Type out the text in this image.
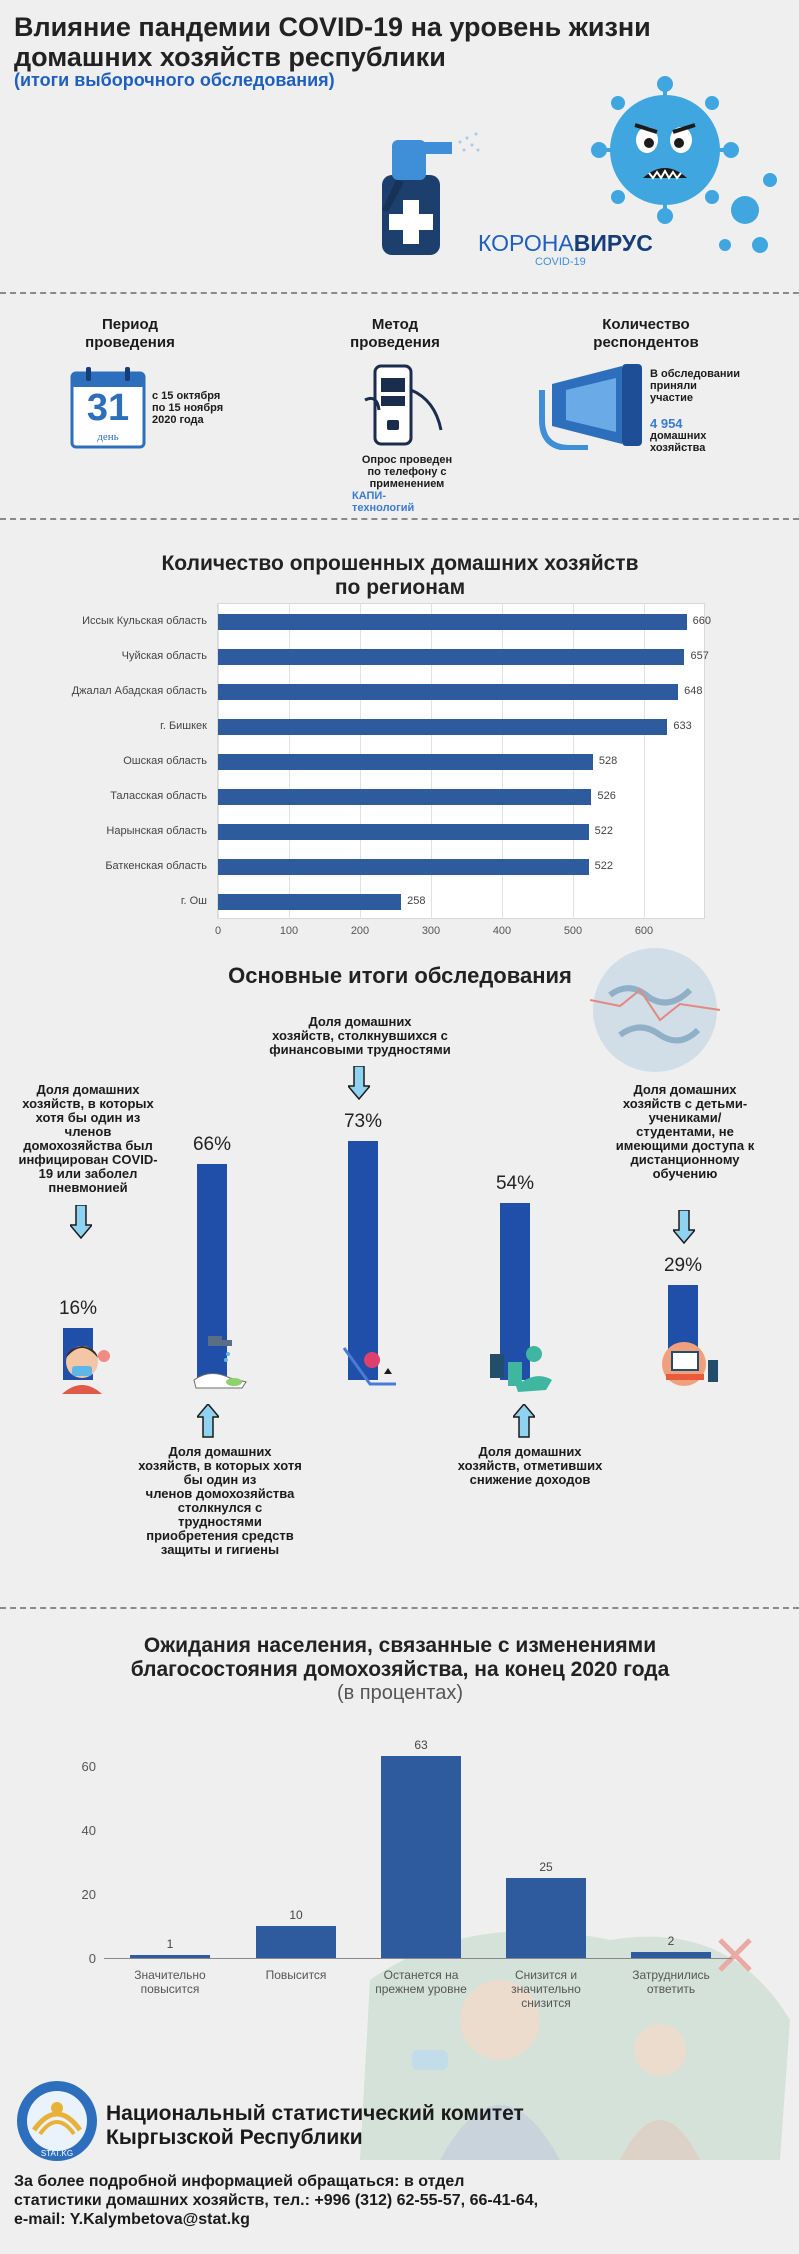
Влияние пандемии COVID-19 на уровень жизни
домашних хозяйств республики
(итоги выборочного обследования)
КОРОНАВИРУС
COVID-19
Период
проведения
31
день
с 15 октября
по 15 ноября
2020 года
Метод
проведения
Опрос проведен
по телефону с
применением
КАПИ-
технологий
Количество
респондентов
В обследовании
приняли
участие
4 954
домашних
хозяйства
Количество опрошенных домашних хозяйств
по регионам
0	100	200	300	400	500	600
Иссык Кульская область	660
Чуйская область	657
Джалал Абадская область	648
г. Бишкек	633
Ошская область	528
Таласская область	526
Нарынская область	522
Баткенская область	522
г. Ош	258
Основные итоги обследования
Доля домашних
хозяйств, в которых
хотя бы один из
членов
домохозяйства был
инфицирован COVID-
19 или заболел
пневмонией
Доля домашних
хозяйств, столкнувшихся с
финансовыми трудностями
Доля домашних
хозяйств с детьми-
учениками/
студентами, не
имеющими доступа к
дистанционному
обучению
Доля домашних
хозяйств, в которых хотя
бы один из
членов домохозяйства
столкнулся с
трудностями
приобретения средств
защиты и гигиены
Доля домашних
хозяйств, отметивших
снижение доходов
16%
66%
73%
54%
29%
Ожидания населения, связанные с изменениями
благосостояния домохозяйства, на конец 2020 года
(в процентах)
0
20
40
60
1
Значительно
повысится
10
Повысится
63
Останется на
прежнем уровне
25
Снизится и
значительно
снизится
2
Затруднились
ответить
STAT.KG
Национальный статистический комитет
Кыргызской Республики
За более подробной информацией обращаться: в отдел
статистики домашних хозяйств, тел.: +996 (312) 62-55-57, 66-41-64,
e-mail: Y.Kalymbetova@stat.kg
